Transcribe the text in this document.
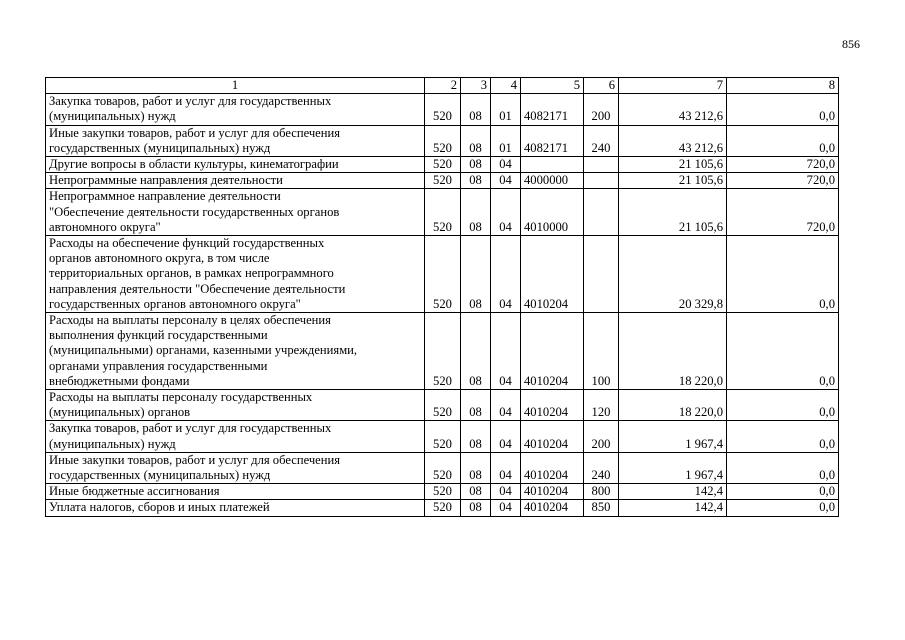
856
1	2	3	4	5	6	7	8

Закупка товаров, работ и услуг для государственных
(муниципальных) нужд	520	08	01	4082171	200	43 212,6	0,0

Иные закупки товаров, работ и услуг для обеспечения
государственных (муниципальных) нужд	520	08	01	4082171	240	43 212,6	0,0

Другие вопросы в области культуры, кинематографии	520	08	04			21 105,6	720,0

Непрограммные направления деятельности	520	08	04	4000000		21 105,6	720,0

Непрограммное направление деятельности
"Обеспечение деятельности государственных органов
автономного округа"	520	08	04	4010000		21 105,6	720,0

Расходы на обеспечение функций государственных
органов автономного округа, в том числе
территориальных органов, в рамках непрограммного
направления деятельности "Обеспечение деятельности
государственных органов автономного округа"	520	08	04	4010204		20 329,8	0,0

Расходы на выплаты персоналу в целях обеспечения
выполнения функций государственными
(муниципальными) органами, казенными учреждениями,
органами управления государственными
внебюджетными фондами	520	08	04	4010204	100	18 220,0	0,0

Расходы на выплаты персоналу государственных
(муниципальных) органов	520	08	04	4010204	120	18 220,0	0,0

Закупка товаров, работ и услуг для государственных
(муниципальных) нужд	520	08	04	4010204	200	1 967,4	0,0

Иные закупки товаров, работ и услуг для обеспечения
государственных (муниципальных) нужд	520	08	04	4010204	240	1 967,4	0,0

Иные бюджетные ассигнования	520	08	04	4010204	800	142,4	0,0

Уплата налогов, сборов и иных платежей	520	08	04	4010204	850	142,4	0,0
